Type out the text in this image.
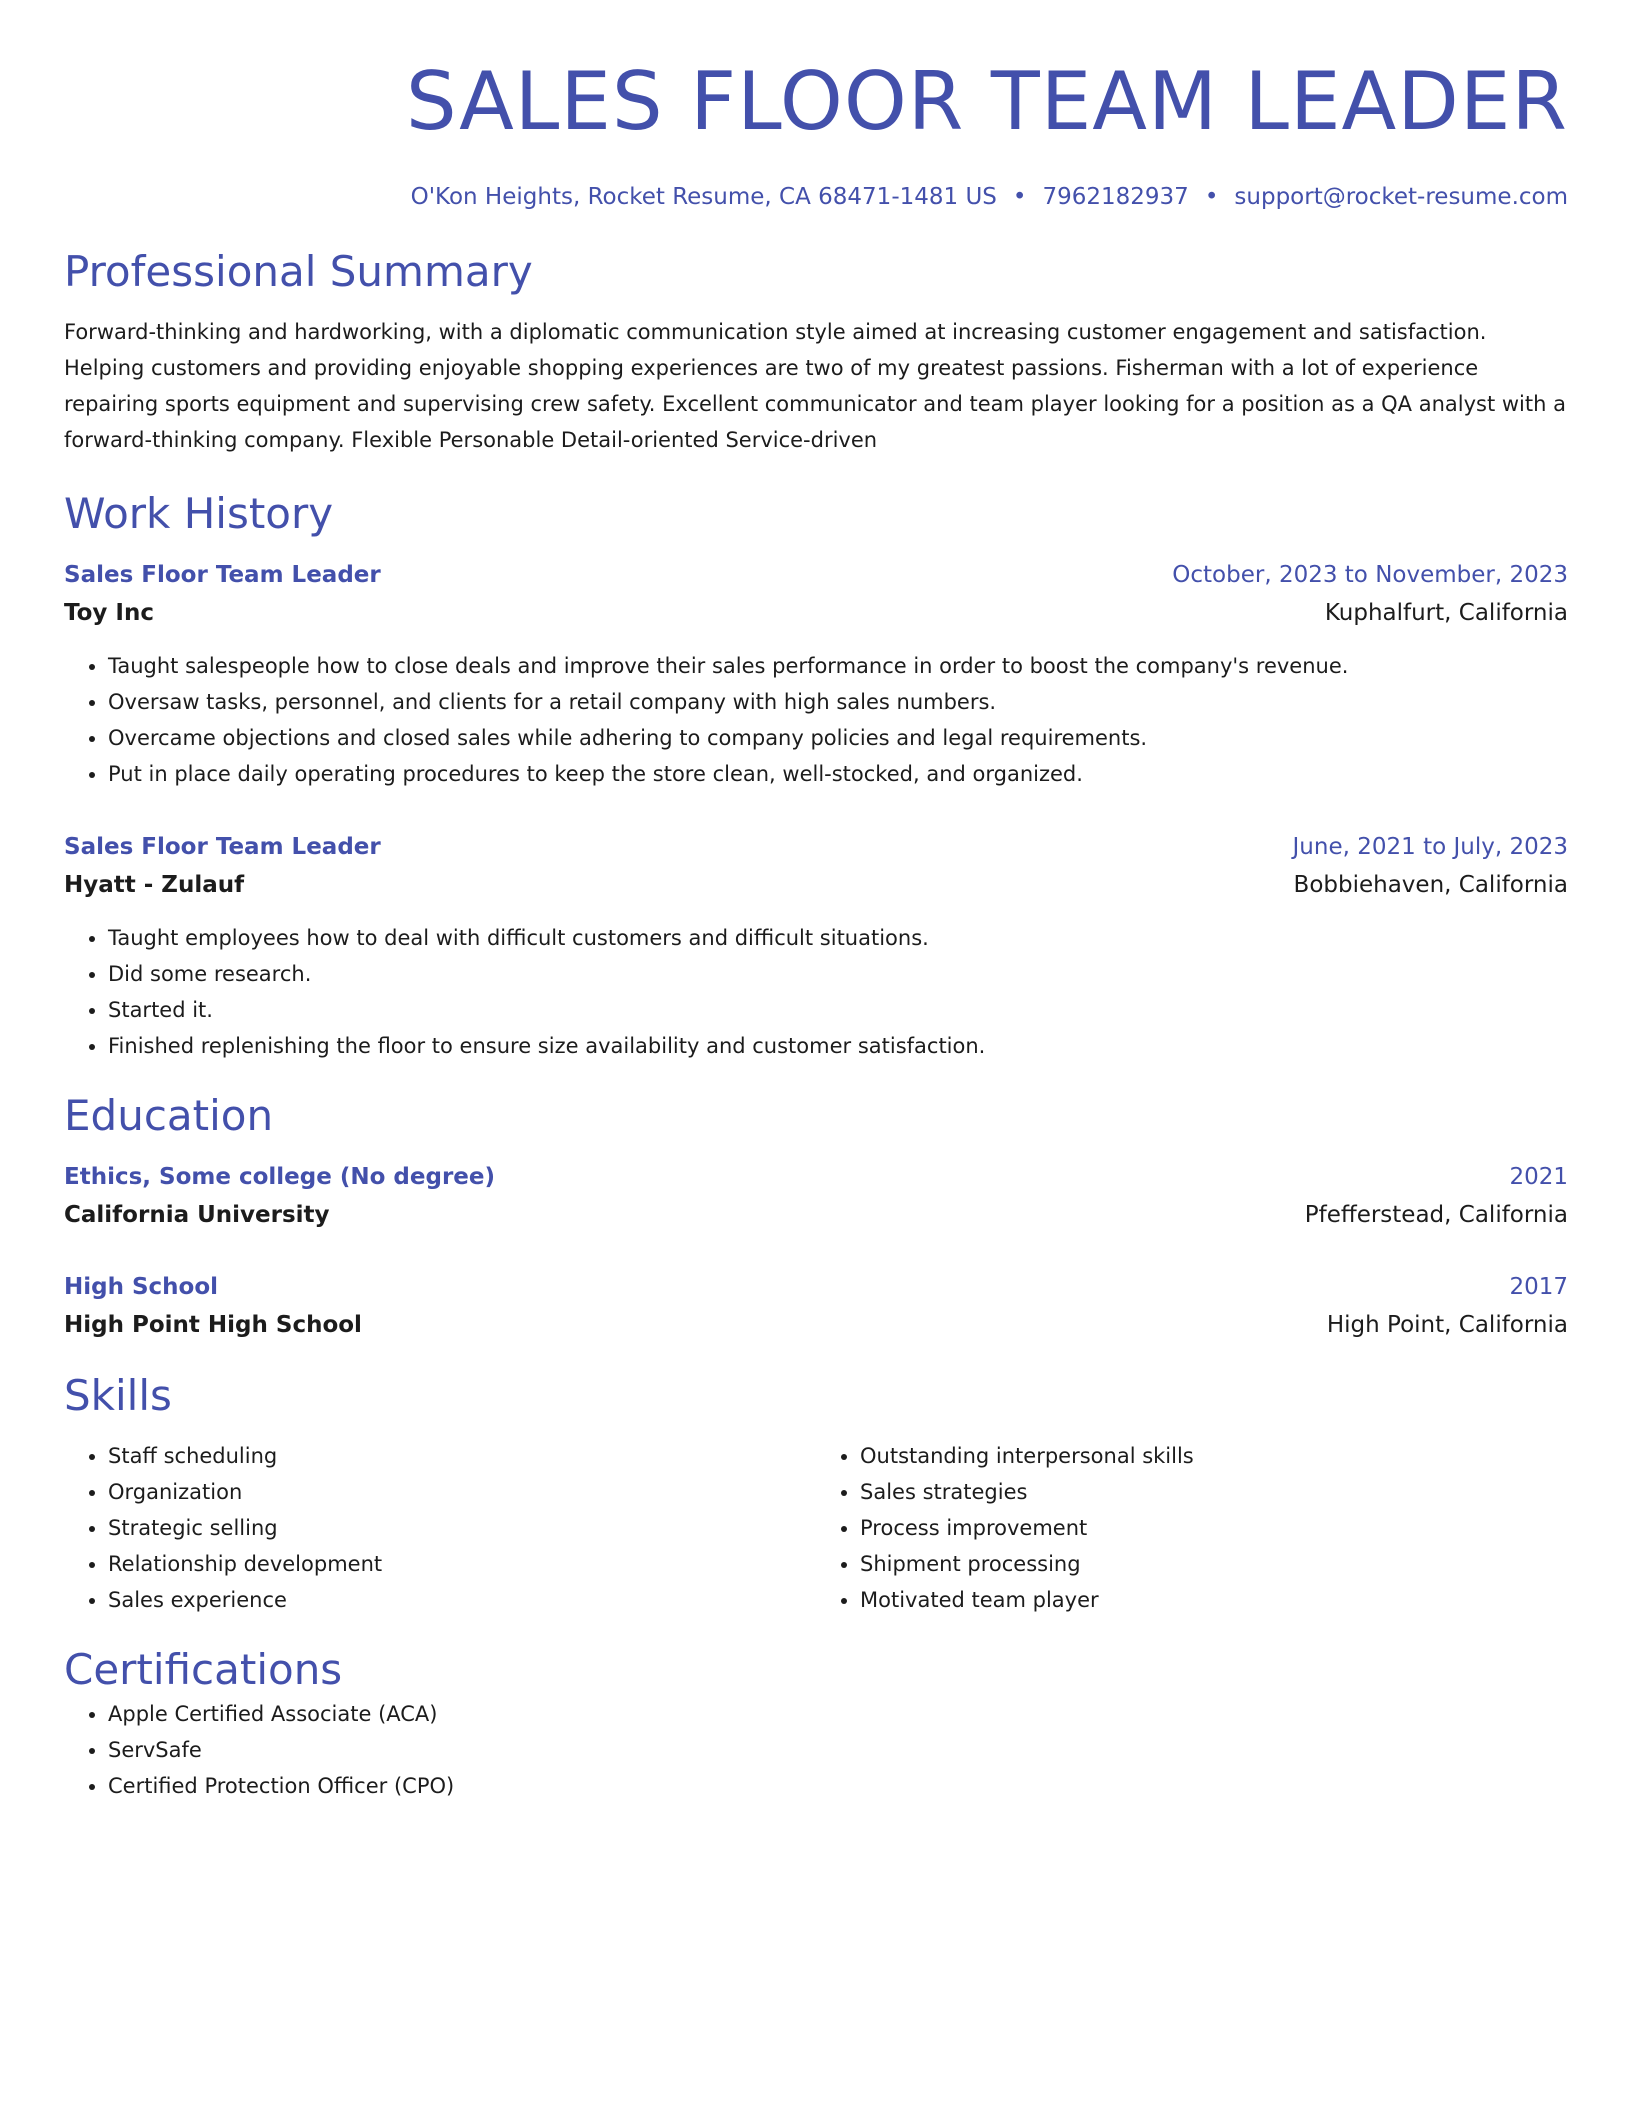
SALES FLOOR TEAM LEADER
O'Kon Heights, Rocket Resume, CA 68471-1481 US • 7962182937 • support@rocket-resume.com
Professional Summary
Forward-thinking and hardworking, with a diplomatic communication style aimed at increasing customer engagement and satisfaction. Helping customers and providing enjoyable shopping experiences are two of my greatest passions. Fisherman with a lot of experience repairing sports equipment and supervising crew safety. Excellent communicator and team player looking for a position as a QA analyst with a forward-thinking company. Flexible Personable Detail-oriented Service-driven
Work History
Sales Floor Team Leader	October, 2023 to November, 2023
Toy Inc	Kuphalfurt, California
• Taught salespeople how to close deals and improve their sales performance in order to boost the company's revenue.
• Oversaw tasks, personnel, and clients for a retail company with high sales numbers.
• Overcame objections and closed sales while adhering to company policies and legal requirements.
• Put in place daily operating procedures to keep the store clean, well-stocked, and organized.
Sales Floor Team Leader	June, 2021 to July, 2023
Hyatt - Zulauf	Bobbiehaven, California
• Taught employees how to deal with difficult customers and difficult situations.
• Did some research.
• Started it.
• Finished replenishing the floor to ensure size availability and customer satisfaction.
Education
Ethics, Some college (No degree)	2021
California University	Pfefferstead, California
High School	2017
High Point High School	High Point, California
Skills
• Staff scheduling
• Organization
• Strategic selling
• Relationship development
• Sales experience
• Outstanding interpersonal skills
• Sales strategies
• Process improvement
• Shipment processing
• Motivated team player
Certifications
• Apple Certified Associate (ACA)
• ServSafe
• Certified Protection Officer (CPO)
